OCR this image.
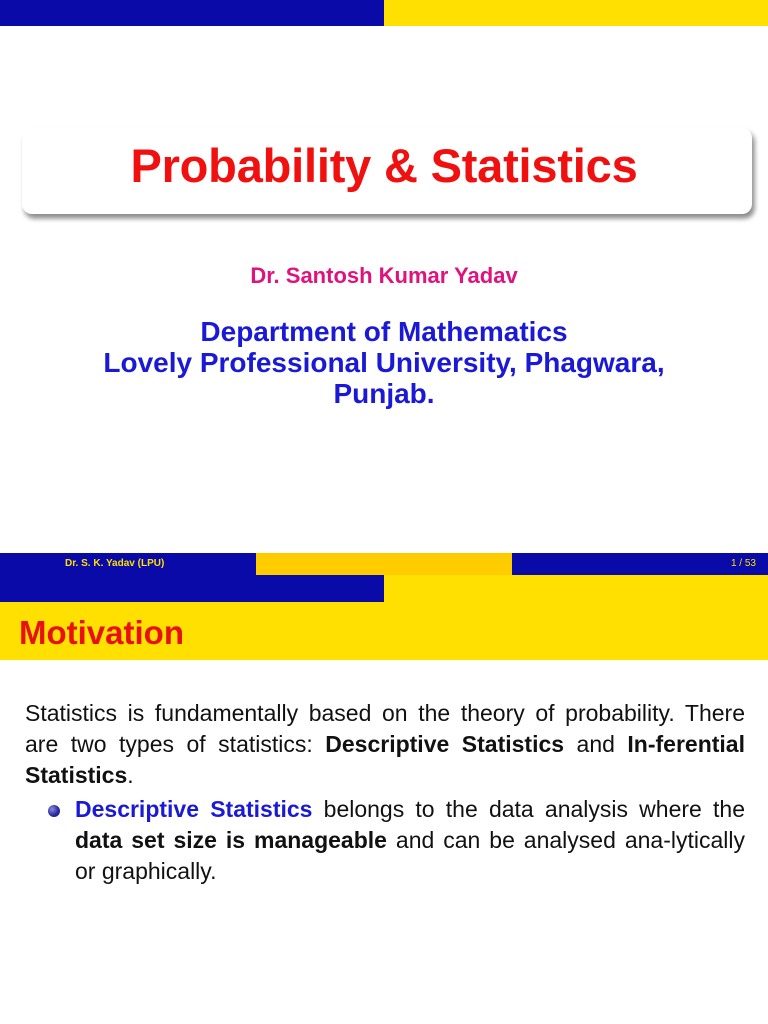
Probability & Statistics
Dr. Santosh Kumar Yadav
Department of Mathematics
Lovely Professional University, Phagwara,
Punjab.
Dr. S. K. Yadav (LPU)	1 / 53
Motivation
Statistics is fundamentally based on the theory of probability. There are two types of statistics: Descriptive Statistics and In-ferential Statistics.
Descriptive Statistics belongs to the data analysis where the data set size is manageable and can be analysed ana-lytically or graphically.
